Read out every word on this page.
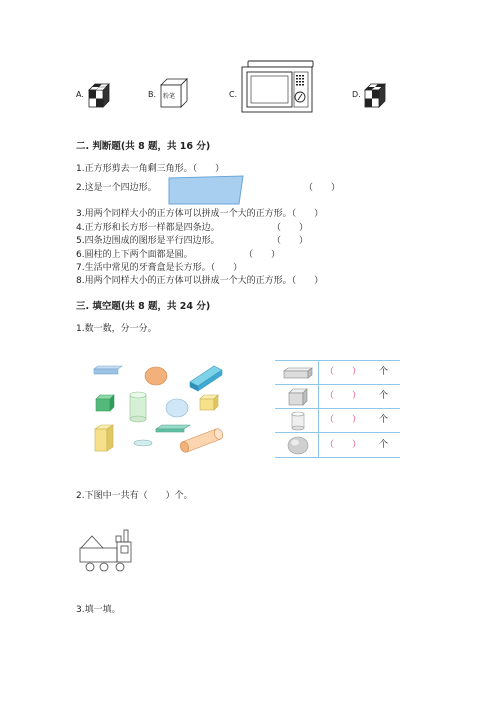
A.	B. 粉笔	C.	D.
二. 判断题(共 8 题，共 16 分)
1.正方形剪去一角剩三角形。（　　）
2.这是一个四边形。	（　　）
3.用两个同样大小的正方体可以拼成一个大的正方形。（　　）
4.正方形和长方形一样都是四条边。	（　　）
5.四条边围成的图形是平行四边形。	（　　）
6.圆柱的上下两个面都是圆。	（　　）
7.生活中常见的牙膏盒是长方形。（　　）
8.用两个同样大小的正方体可以拼成一个大的正方形。（　　）
三. 填空题(共 8 题，共 24 分)
1.数一数，分一分。
（　　） 个
（　　） 个
（　　） 个
（　　） 个
2.下图中一共有（　　）个。
3.填一填。
